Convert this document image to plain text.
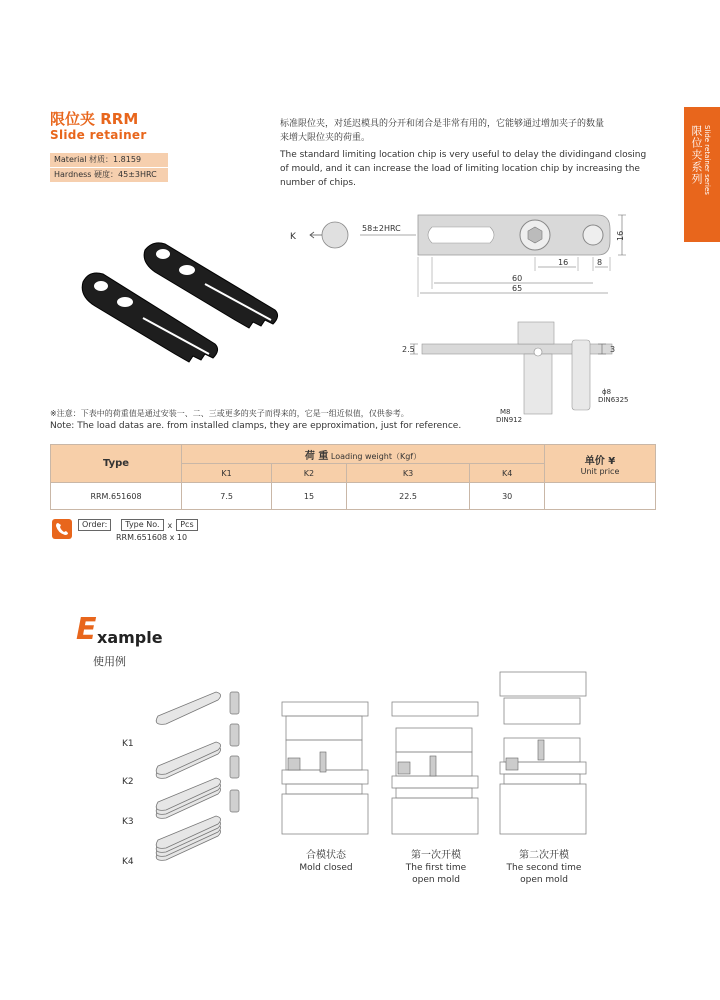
限位夹 RRM
Slide retainer
Material 材质：1.8159
Hardness 硬度：45±3HRC	限位夹系列 Slide retainer series
标准限位夹，对延迟模具的分开和闭合是非常有用的，它能够通过增加夹子的数量
来增大限位夹的荷重。
The standard limiting location chip is very useful to delay the dividingand closing
of mould, and it can increase the load of limiting location chip by increasing the
number of chips.
K
58±2HRC
16
16	8
60
65
3
2.5
M8
DIN912
ϕ8
DIN6325
※注意：下表中的荷重值是通过安装一、二、三或更多的夹子而得来的，它是一组近似值，仅供参考。
Note: The load datas are. from installed clamps, they are epproximation, just for reference.
Type	荷 重 Loading weight（Kgf）				单价 ¥
Unit price

	K1	K2	K3	K4	
RRM.651608	7.5	15	22.5	30	
Order:	Type No.	x	Pcs
RRM.651608 x 10
E xample
使用例
K1
K2
K3
K4
合模状态
Mold closed
第一次开模
The first time
open mold
第二次开模
The second time
open mold
